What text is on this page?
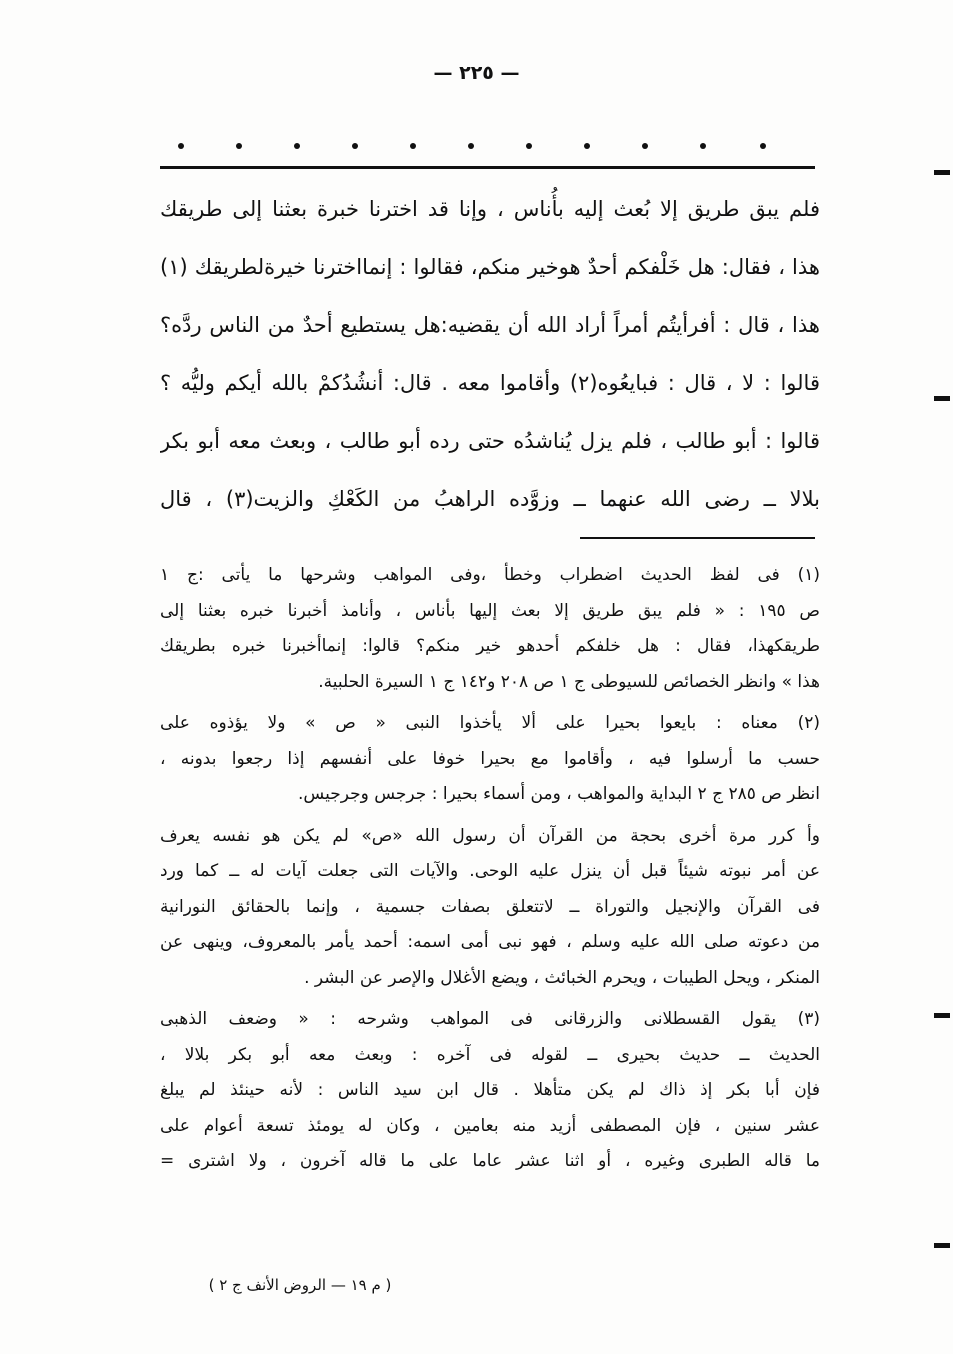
— ٢٢٥ —
فلم يبق طريق إلا بُعث إليه بأُناس ، وإنا قد اخترنا خبرة بعثنا إلى طريقك
هذا ، فقال: هل خَلْفكم أحدٌ هوخير منكم، فقالوا : إنمااخترنا خيرةلطريقك (١)
هذا ، قال : أفرأيتُم أمراً أراد الله أن يقضيه:هل يستطيع أحدٌ من الناس ردَّه؟
قالوا : لا ، قال : فبايعُوه(٢) وأقاموا معه . قال: أنشُدُكمْ بالله أيكم وليُّه ؟
قالوا : أبو طالب ، فلم يزل يُناشدُه حتى رده أبو طالب ، وبعث معه أبو بكر
بلالا ــ رضى الله عنهما ــ وزوَّده الراهبُ من الكَعْكِ والزيت(٣) ، قال
(١) فى لفظ الحديث اضطراب وخطأ ،وفى المواهب وشرحها ما يأتى :ج ١
ص ١٩٥ : « فلم يبق طريق إلا بعث إليها بأناس ، وأنامذ أخبرنا خبره بعثنا إلى
طريقكهذا، فقال : هل خلفكم أحدهو خير منكم؟ قالوا: إنماأخبرنا خبره بطريقك
هذا » وانظر الخصائص للسيوطى ج ١ ص ٢٠٨ و١٤٢ ج ١ السيرة الحلبية.
(٢) معناه : بايعوا بحيرا على ألا يأخذوا النبى « ص » ولا يؤذوه على
حسب ما أرسلوا فيه ، وأقاموا مع بحيرا خوفا على أنفسهم إذا رجعوا بدونه ،
انظر ص ٢٨٥ ج ٢ البداية والمواهب ، ومن أسماء بحيرا : جرجس وجرجيس.
وأ كرر مرة أخرى بحجة من القرآن أن رسول الله «ص» لم يكن هو نفسه يعرف
عن أمر نبوته شيئاً قبل أن ينزل عليه الوحى. والآيات التى جعلت آيات له ــ كما ورد
فى القرآن والإنجيل والتوراة ــ لاتتعلق بصفات جسمية ، وإنما بالحقائق النورانية
من دعوته صلى الله عليه وسلم ، فهو نبى أمى اسمه: أحمد يأمر بالمعروف، وينهى عن
المنكر ، ويحل الطيبات ، ويحرم الخبائث ، ويضع الأغلال والإصر عن البشر .
(٣) يقول القسطلانى والزرقانى فى المواهب وشرحه : « وضعف الذهبى
الحديث ــ حديث بحيرى ــ لقوله فى آخره : وبعث معه أبو بكر بلالا ،
فإن أبا بكر إذ ذاك لم يكن متأهلا . قال ابن سيد الناس : لأنه حينئذ لم يبلغ
عشر سنين ، فإن المصطفى أزيد منه بعامين ، وكان له يومئذ تسعة أعوام على
ما قاله الطبرى وغيره ، أو اثنا عشر عاما على ما قاله آخرون ، ولا اشترى =
( م ١٩ — الروض الأنف ج ٢ )
